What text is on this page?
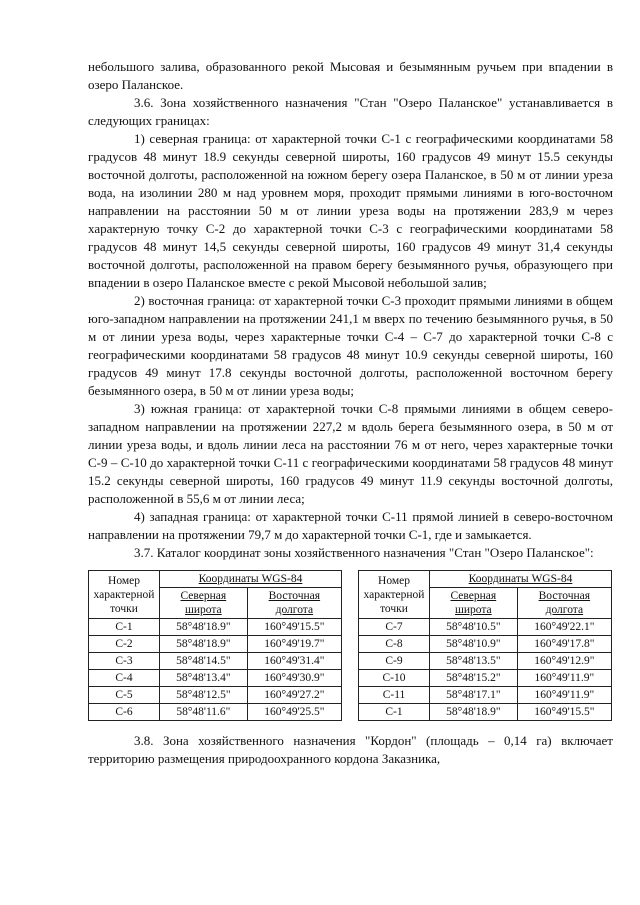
небольшого залива, образованного рекой Мысовая и безымянным ручьем при впадении в озеро Паланское.

3.6. Зона хозяйственного назначения "Стан "Озеро Паланское" устанавливается в следующих границах:

1) северная граница: от характерной точки С-1 с географическими координатами 58 градусов 48 минут 18.9 секунды северной широты, 160 градусов 49 минут 15.5 секунды восточной долготы, расположенной на южном берегу озера Паланское, в 50 м от линии уреза вода, на изолинии 280 м над уровнем моря, проходит прямыми линиями в юго-восточном направлении на расстоянии 50 м от линии уреза воды на протяжении 283,9 м через характерную точку С-2 до характерной точки С-3 с географическими координатами 58 градусов 48 минут 14,5 секунды северной широты, 160 градусов 49 минут 31,4 секунды восточной долготы, расположенной на правом берегу безымянного ручья, образующего при впадении в озеро Паланское вместе с рекой Мысовой небольшой залив;

2) восточная граница: от характерной точки С-3 проходит прямыми линиями в общем юго-западном направлении на протяжении 241,1 м вверх по течению безымянного ручья, в 50 м от линии уреза воды, через характерные точки С-4 – С-7 до характерной точки С-8 с географическими координатами 58 градусов 48 минут 10.9 секунды северной широты, 160 градусов 49 минут 17.8 секунды восточной долготы, расположенной восточном берегу безымянного озера, в 50 м от линии уреза воды;

3) южная граница: от характерной точки С-8 прямыми линиями в общем северо-западном направлении на протяжении 227,2 м вдоль берега безымянного озера, в 50 м от линии уреза воды, и вдоль линии леса на расстоянии 76 м от него, через характерные точки С-9 – С-10 до характерной точки С-11 с географическими координатами 58 градусов 48 минут 15.2 секунды северной широты, 160 градусов 49 минут 11.9 секунды восточной долготы, расположенной в 55,6 м от линии леса;

4) западная граница: от характерной точки С-11 прямой линией в северо-восточном направлении на протяжении 79,7 м до характерной точки С-1, где и замыкается.

3.7. Каталог координат зоны хозяйственного назначения "Стан "Озеро Паланское":

Номер характерной точки	Координаты WGS-84	
	Северная широта	Восточная долгота
С-1	58°48'18.9"	160°49'15.5"
С-2	58°48'18.9"	160°49'19.7"
С-3	58°48'14.5"	160°49'31.4"
С-4	58°48'13.4"	160°49'30.9"
С-5	58°48'12.5"	160°49'27.2"
С-6	58°48'11.6"	160°49'25.5"
Номер характерной точки	Координаты WGS-84	
	Северная широта	Восточная долгота
С-7	58°48'10.5"	160°49'22.1"
С-8	58°48'10.9"	160°49'17.8"
С-9	58°48'13.5"	160°49'12.9"
С-10	58°48'15.2"	160°49'11.9"
С-11	58°48'17.1"	160°49'11.9"
С-1	58°48'18.9"	160°49'15.5"

3.8. Зона хозяйственного назначения "Кордон" (площадь – 0,14 га) включает территорию размещения природоохранного кордона Заказника,
